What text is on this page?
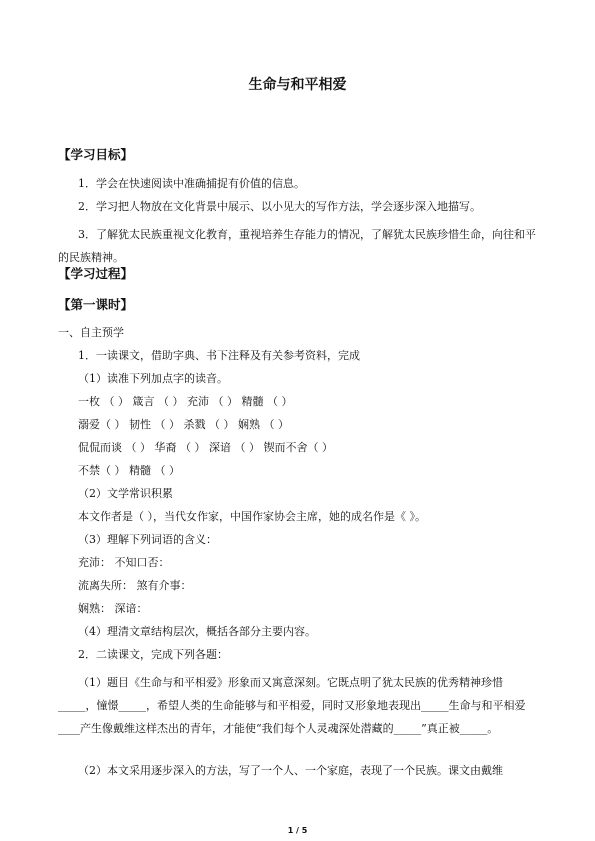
生命与和平相爱
【学习目标】
1．学会在快速阅读中准确捕捉有价值的信息。
2．学习把人物放在文化背景中展示、以小见大的写作方法，学会逐步深入地描写。
3．了解犹太民族重视文化教育，重视培养生存能力的情况，了解犹太民族珍惜生命，向往和平的民族精神。
【学习过程】
【第一课时】
一、自主预学
1．一读课文，借助字典、书下注释及有关参考资料，完成
（1）读准下列加点字的读音。
一枚 （ ） 箴言 （ ） 充沛 （ ） 精髓 （ ）
溺爱（ ） 韧性 （ ） 杀戮 （ ） 娴熟 （ ）
侃侃而谈 （ ） 华裔 （ ） 深谙 （ ） 锲而不舍（ ）
不禁（ ） 精髓 （ ）
（2）文学常识积累
本文作者是（ ），当代女作家，中国作家协会主席，她的成名作是《 》。
（3）理解下列词语的含义：
充沛： 不知口否：
流离失所： 煞有介事：
娴熟： 深谙：
（4）理清文章结构层次，概括各部分主要内容。
2．二读课文，完成下列各题：
（1）题目《生命与和平相爱》形象而又寓意深刻。它既点明了犹太民族的优秀精神珍惜_____，憧憬_____，希望人类的生命能够与和平相爱，同时又形象地表现出_____生命与和平相爱____产生像戴维这样杰出的青年，才能使“我们每个人灵魂深处潜藏的_____”真正被_____。
（2）本文采用逐步深入的方法，写了一个人、一个家庭，表现了一个民族。课文由戴维
1 / 5
